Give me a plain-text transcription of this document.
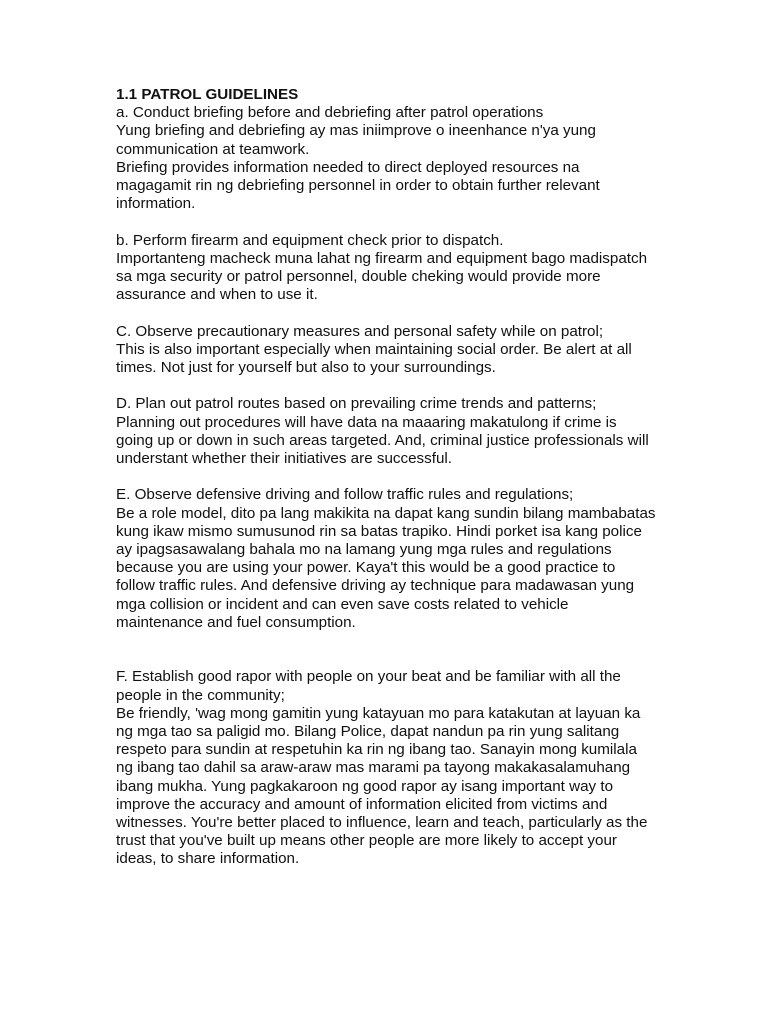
1.1 PATROL GUIDELINES

a. Conduct briefing before and debriefing after patrol operations

Yung briefing and debriefing ay mas iniimprove o ineenhance n'ya yung communication at teamwork.

Briefing provides information needed to direct deployed resources na magagamit rin ng debriefing personnel in order to obtain further relevant information.

b. Perform firearm and equipment check prior to dispatch.

Importanteng macheck muna lahat ng firearm and equipment bago madispatch sa mga security or patrol personnel, double cheking would provide more assurance and when to use it.

C. Observe precautionary measures and personal safety while on patrol;

This is also important especially when maintaining social order. Be alert at all times. Not just for yourself but also to your surroundings.

D. Plan out patrol routes based on prevailing crime trends and patterns;

Planning out procedures will have data na maaaring makatulong if crime is going up or down in such areas targeted. And, criminal justice professionals will understant whether their initiatives are successful.

E. Observe defensive driving and follow traffic rules and regulations;

Be a role model, dito pa lang makikita na dapat kang sundin bilang mambabatas kung ikaw mismo sumusunod rin sa batas trapiko. Hindi porket isa kang police ay ipagsasawalang bahala mo na lamang yung mga rules and regulations because you are using your power. Kaya't this would be a good practice to follow traffic rules. And defensive driving ay technique para madawasan yung mga collision or incident and can even save costs related to vehicle maintenance and fuel consumption.

F. Establish good rapor with people on your beat and be familiar with all the people in the community;

Be friendly, 'wag mong gamitin yung katayuan mo para katakutan at layuan ka ng mga tao sa paligid mo. Bilang Police, dapat nandun pa rin yung salitang respeto para sundin at respetuhin ka rin ng ibang tao. Sanayin mong kumilala ng ibang tao dahil sa araw-araw mas marami pa tayong makakasalamuhang ibang mukha. Yung pagkakaroon ng good rapor ay isang important way to improve the accuracy and amount of information elicited from victims and witnesses. You're better placed to influence, learn and teach, particularly as the trust that you've built up means other people are more likely to accept your ideas, to share information.
